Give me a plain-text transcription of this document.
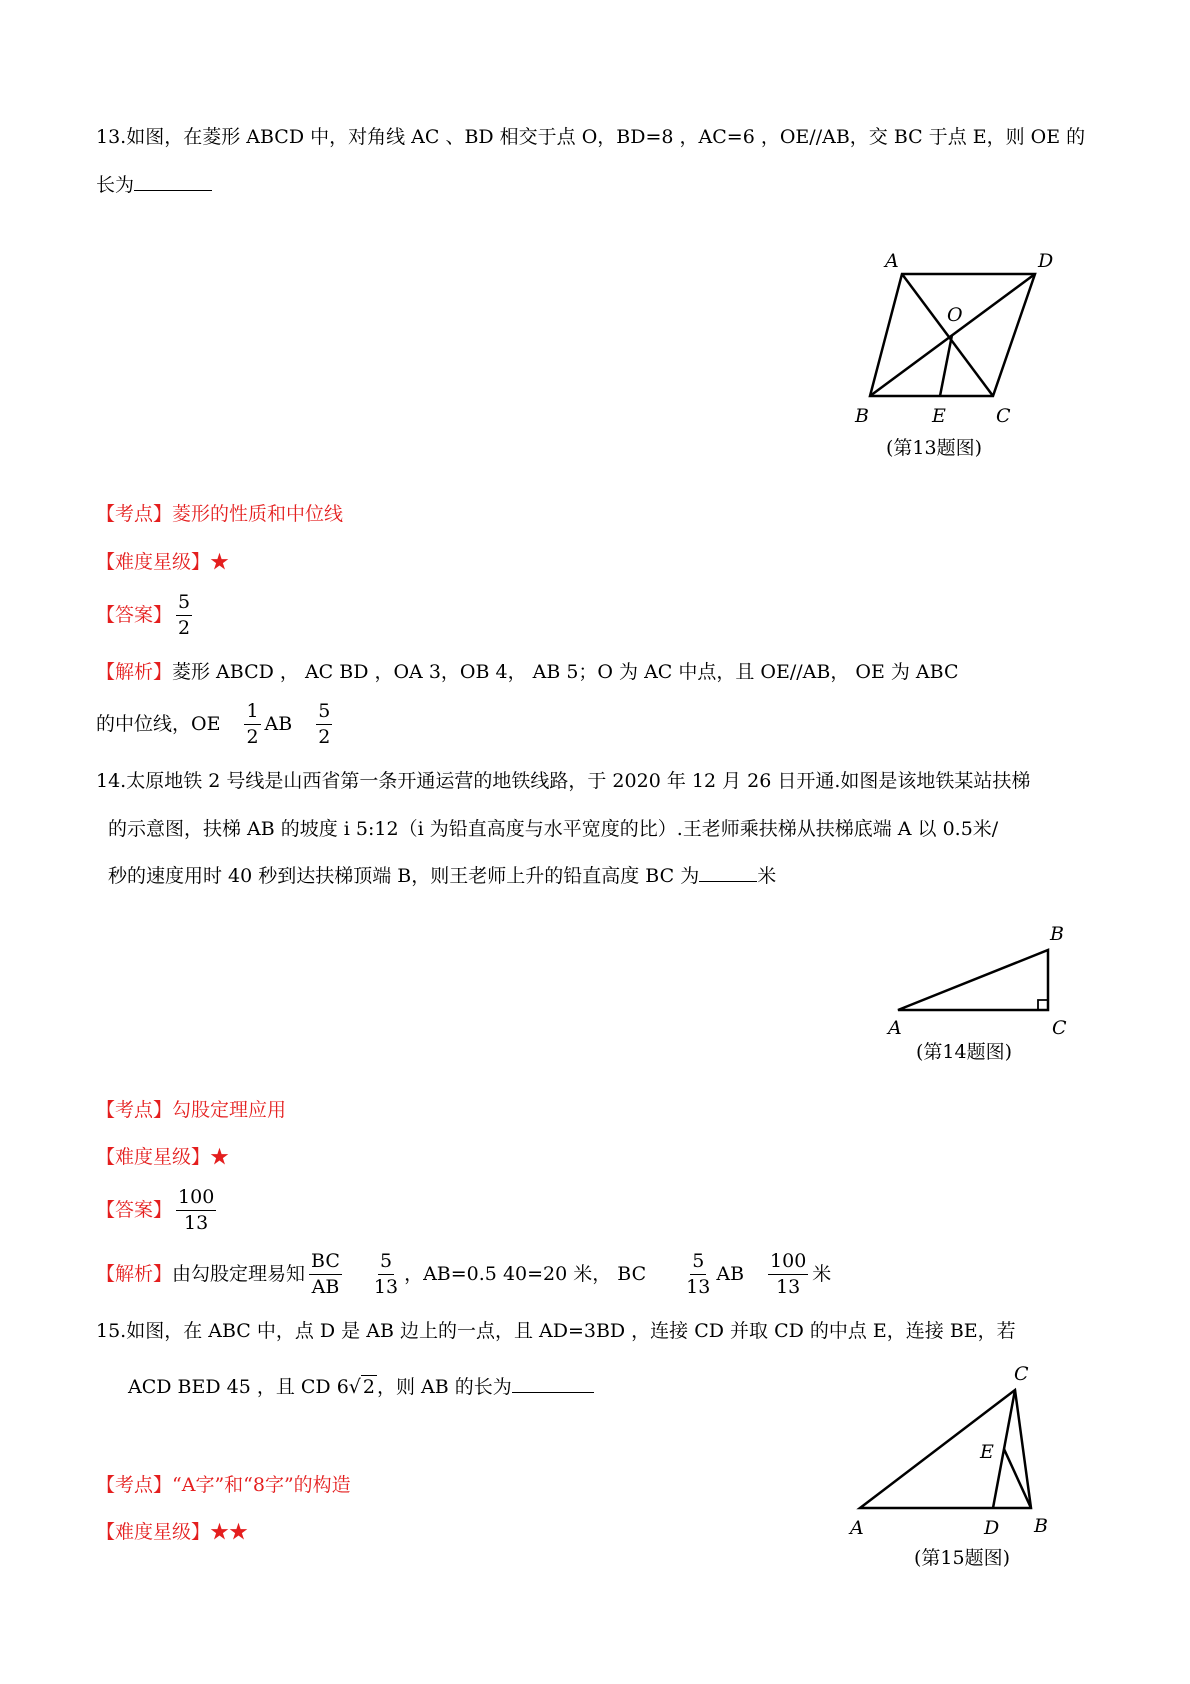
13.如图，在菱形 ABCD 中，对角线 AC 、BD 相交于点 O，BD=8 ，AC=6 ，OE//AB，交 BC 于点 E，则 OE 的
长为
A	D
O
B	E	C
(第13题图)
【考点】菱形的性质和中位线
【难度星级】★
【答案】 $\frac{5}{2}$
【解析】菱形 ABCD ， AC BD ，OA 3，OB 4， AB 5；O 为 AC 中点，且 OE//AB， OE 为 ABC
的中位线，OE $\frac{1}{2}$ AB $\frac{5}{2}$
14.太原地铁 2 号线是山西省第一条开通运营的地铁线路，于 2020 年 12 月 26 日开通.如图是该地铁某站扶梯
的示意图，扶梯 AB 的坡度 i 5:12（i 为铅直高度与水平宽度的比）.王老师乘扶梯从扶梯底端 A 以 0.5米/
秒的速度用时 40 秒到达扶梯顶端 B，则王老师上升的铅直高度 BC 为	米
B
A	C
(第14题图)
【考点】勾股定理应用
【难度星级】★
【答案】 $\frac{100}{13}$
【解析】 由勾股定理易知 $\frac{BC}{AB} \frac{5}{13}$ ，AB=0.5 40=20 米， BC $\frac{5}{13}$ AB $\frac{100}{13}$ 米
15.如图，在 ABC 中，点 D 是 AB 边上的一点，且 AD=3BD ，连接 CD 并取 CD 的中点 E，连接 BE，若
ACD BED 45 ，且 CD 6√ 2 ，则 AB 的长为
C
E
A	D B
(第15题图)
【考点】“A字”和“8字”的构造
【难度星级】★★
